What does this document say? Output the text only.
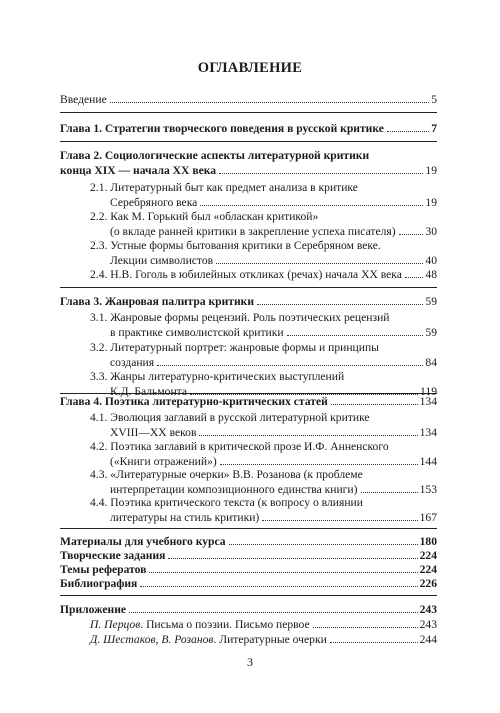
ОГЛАВЛЕНИЕ
Введение	5
Глава 1. Стратегии творческого поведения в русской критике	7
Глава 2. Социологические аспекты литературной критики
конца XIX — начала XX века	19
2.1. Литературный быт как предмет анализа в критике
Серебряного века	19
2.2. Как М. Горький был «обласкан критикой»
(о вкладе ранней критики в закрепление успеха писателя)	30
2.3. Устные формы бытования критики в Серебряном веке.
Лекции символистов	40
2.4. Н.В. Гоголь в юбилейных откликах (речах) начала XX века 48
Глава 3. Жанровая палитра критики	59
3.1. Жанровые формы рецензий. Роль поэтических рецензий
в практике символистской критики	59
3.2. Литературный портрет: жанровые формы и принципы
создания	84
3.3. Жанры литературно-критических выступлений
К.Д. Бальмонта	119
Глава 4. Поэтика литературно-критических статей	134
4.1. Эволюция заглавий в русской литературной критике
XVIII—XX веков	134
4.2. Поэтика заглавий в критической прозе И.Ф. Анненского
(«Книги отражений»)	144
4.3. «Литературные очерки» В.В. Розанова (к проблеме
интерпретации композиционного единства книги)	153
4.4. Поэтика критического текста (к вопросу о влиянии
литературы на стиль критики)	167
Материалы для учебного курса	180
Творческие задания	224
Темы рефератов	224
Библиография	226
Приложение	243
П. Перцов. Письма о поэзии. Письмо первое	243
Д. Шестаков, В. Розанов. Литературные очерки	244
3
